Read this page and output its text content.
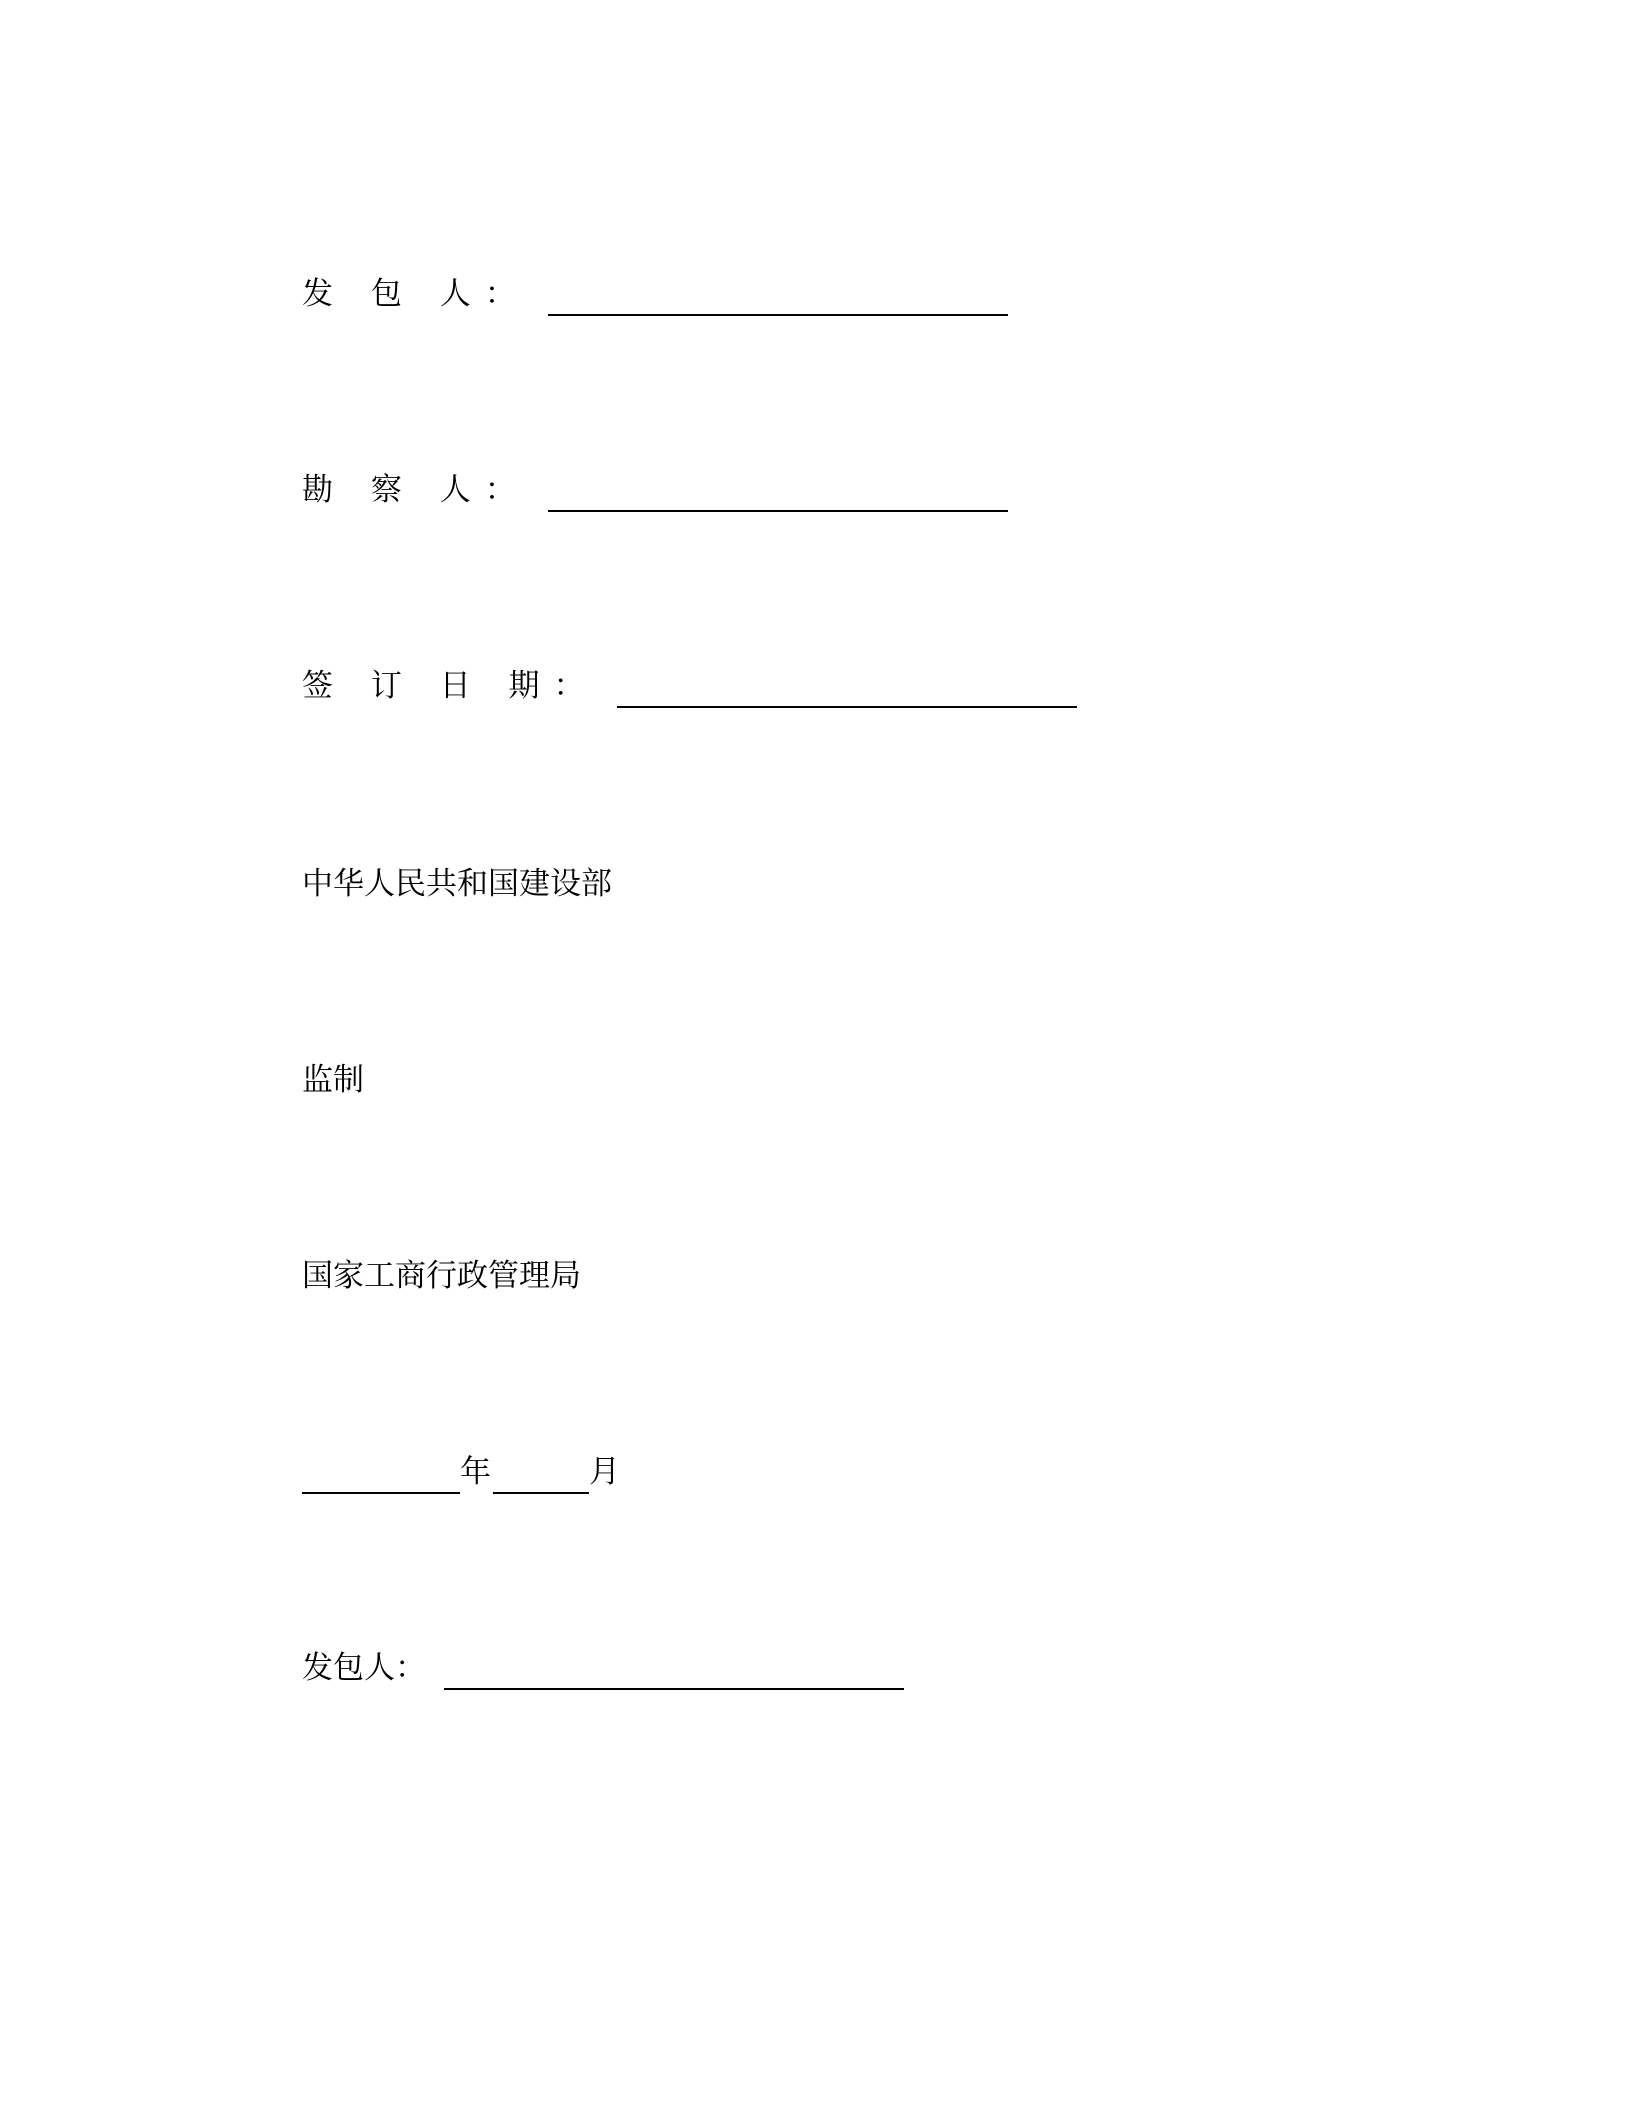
发 包 人：
勘 察 人：
签 订 日 期：
中华人民共和国建设部
监制
国家工商行政管理局
年	月
发包人：
